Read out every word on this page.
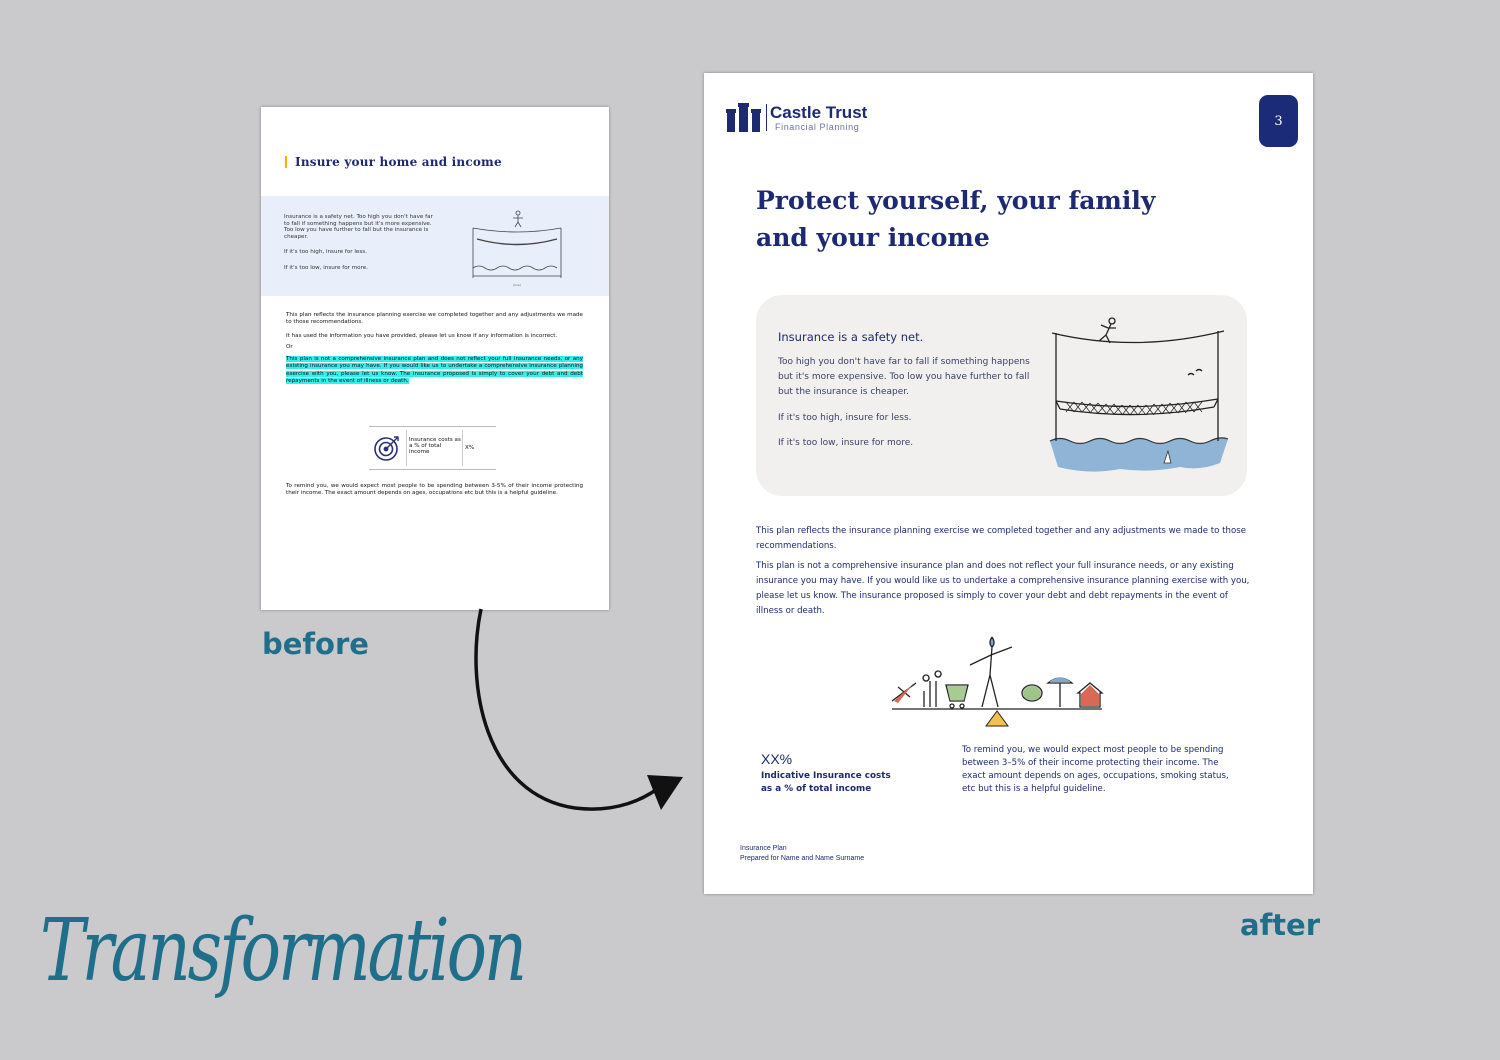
Insure your home and income
Insurance is a safety net. Too high you don't have far to fall if something happens but it's more expensive. Too low you have further to fall but the insurance is cheaper.
If it's too high, insure for less.
If it's too low, insure for more.
(line)
This plan reflects the insurance planning exercise we completed together and any adjustments we made to those recommendations.
It has used the information you have provided, please let us know if any information is incorrect.
Or
This plan is not a comprehensive insurance plan and does not reflect your full insurance needs, or any existing insurance you may have. If you would like us to undertake a comprehensive insurance planning exercise with you, please let us know. The insurance proposed is simply to cover your debt and debt repayments in the event of illness or death.
Insurance costs as a % of total income
X%
To remind you, we would expect most people to be spending between 3-5% of their income protecting their income. The exact amount depends on ages, occupations etc but this is a helpful guideline.
before
Castle Trust
Financial Planning	3
Protect yourself, your family and your income
Insurance is a safety net.
Too high you don't have far to fall if something happens but it's more expensive. Too low you have further to fall but the insurance is cheaper.
If it's too high, insure for less.
If it's too low, insure for more.
This plan reflects the insurance planning exercise we completed together and any adjustments we made to those recommendations.
This plan is not a comprehensive insurance plan and does not reflect your full insurance needs, or any existing insurance you may have. If you would like us to undertake a comprehensive insurance planning exercise with you, please let us know. The insurance proposed is simply to cover your debt and debt repayments in the event of illness or death.
XX%
Indicative Insurance costs as a % of total income
To remind you, we would expect most people to be spending between 3–5% of their income protecting their income. The exact amount depends on ages, occupations, smoking status, etc but this is a helpful guideline.
Insurance Plan
Prepared for Name and Name Surname
after
Transformation
